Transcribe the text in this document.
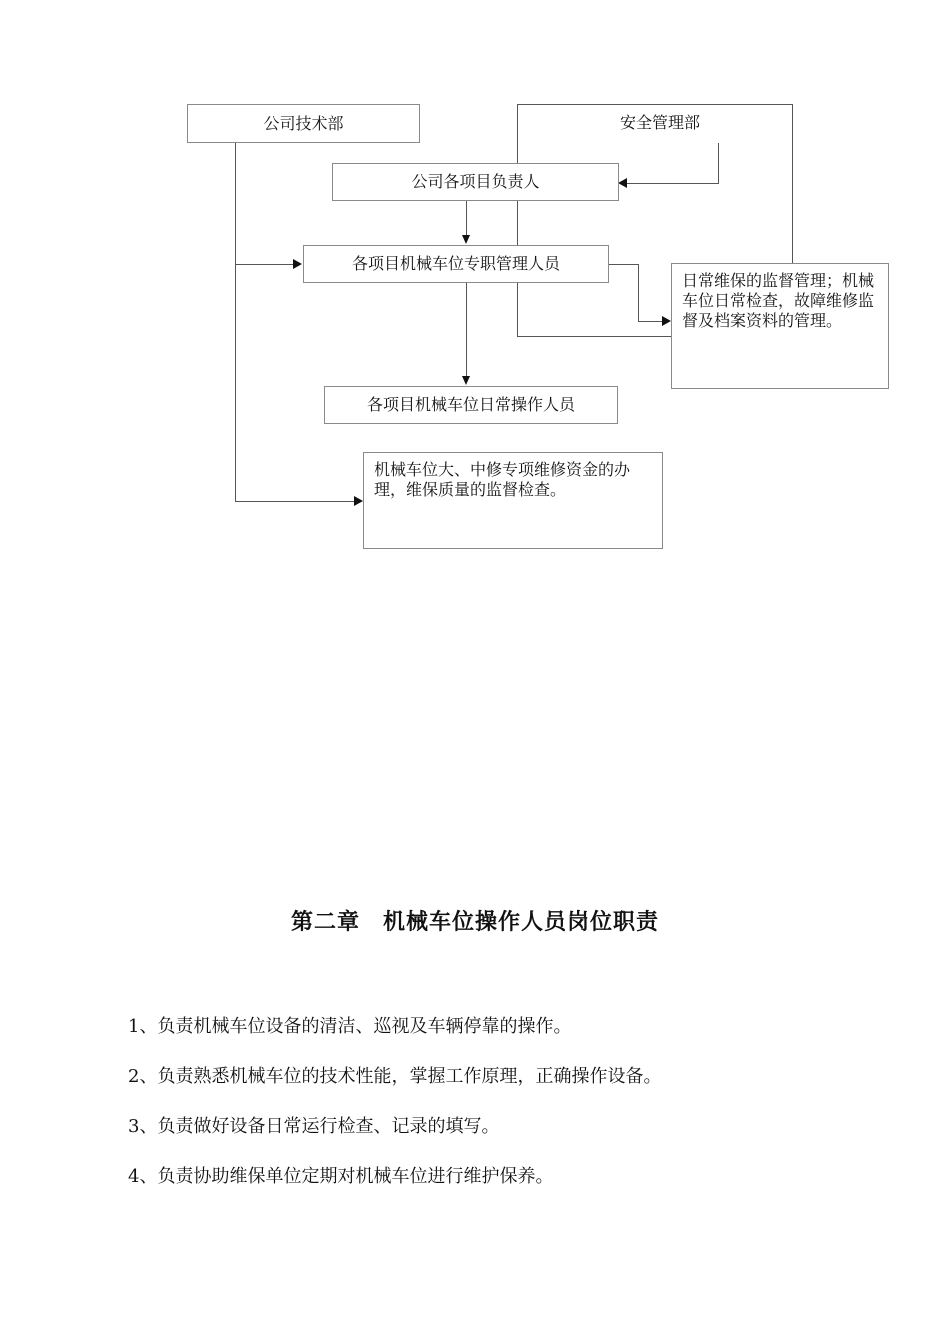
公司技术部	安全管理部
公司各项目负责人
各项目机械车位专职管理人员
日常维保的监督管理；机械车位日常检查，故障维修监督及档案资料的管理。
各项目机械车位日常操作人员
机械车位大、中修专项维修资金的办理，维保质量的监督检查。
第二章　机械车位操作人员岗位职责
1、负责机械车位设备的清洁、巡视及车辆停靠的操作。
2、负责熟悉机械车位的技术性能，掌握工作原理，正确操作设备。
3、负责做好设备日常运行检查、记录的填写。
4、负责协助维保单位定期对机械车位进行维护保养。
